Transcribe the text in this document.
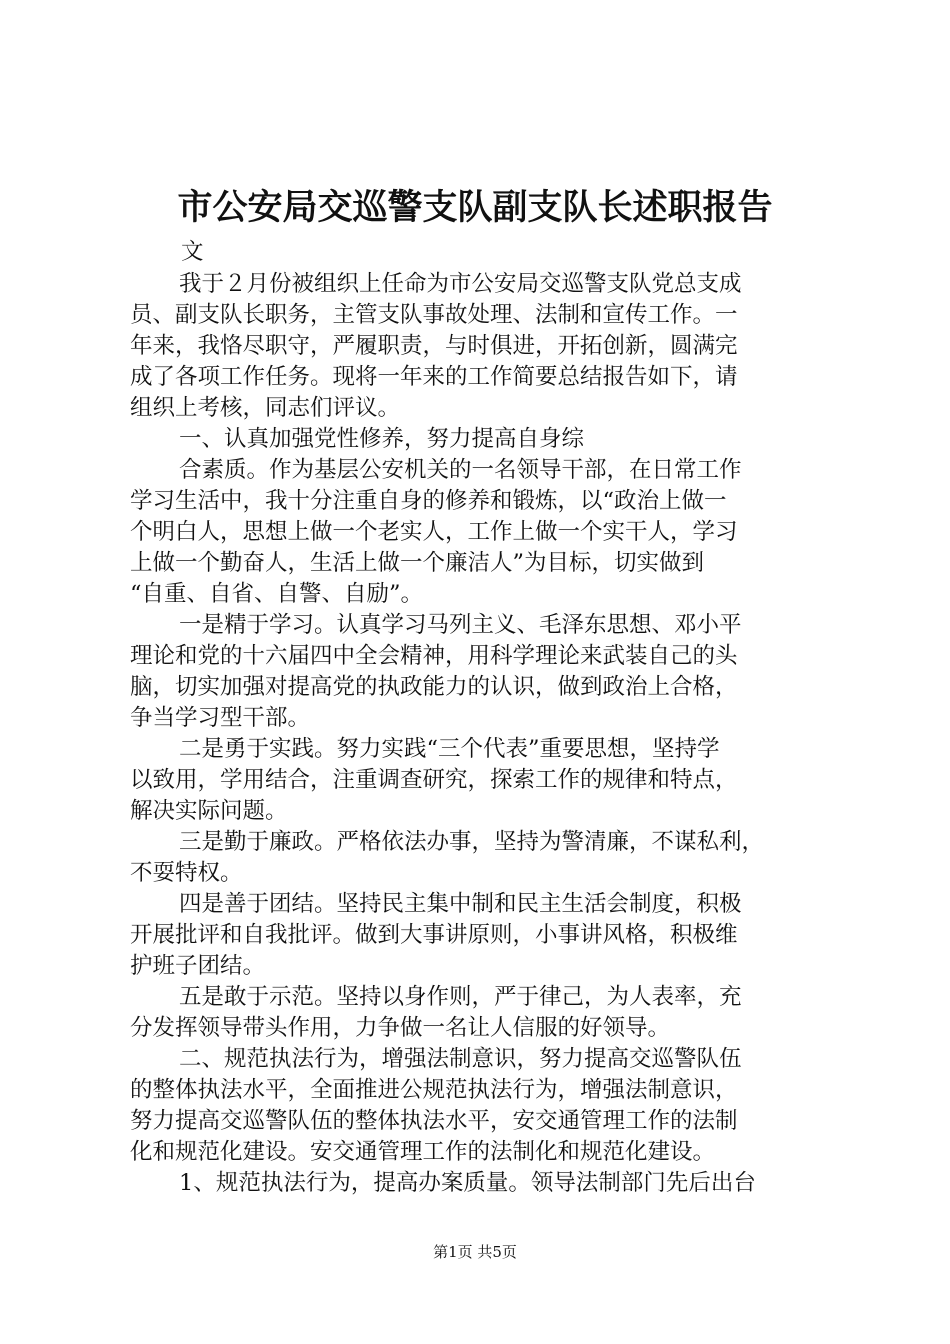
市公安局交巡警支队副支队长述职报告
文
我于２月份被组织上任命为市公安局交巡警支队党总支成
员、副支队长职务，主管支队事故处理、法制和宣传工作。一
年来，我恪尽职守，严履职责，与时俱进，开拓创新，圆满完
成了各项工作任务。现将一年来的工作简要总结报告如下，请
组织上考核，同志们评议。
一、认真加强党性修养，努力提高自身综
合素质。作为基层公安机关的一名领导干部，在日常工作
学习生活中，我十分注重自身的修养和锻炼，以“政治上做一
个明白人，思想上做一个老实人，工作上做一个实干人，学习
上做一个勤奋人，生活上做一个廉洁人”为目标，切实做到
“自重、自省、自警、自励”。
一是精于学习。认真学习马列主义、毛泽东思想、邓小平
理论和党的十六届四中全会精神，用科学理论来武装自己的头
脑，切实加强对提高党的执政能力的认识，做到政治上合格，
争当学习型干部。
二是勇于实践。努力实践“三个代表”重要思想，坚持学
以致用，学用结合，注重调查研究，探索工作的规律和特点，
解决实际问题。
三是勤于廉政。严格依法办事，坚持为警清廉，不谋私利，
不耍特权。
四是善于团结。坚持民主集中制和民主生活会制度，积极
开展批评和自我批评。做到大事讲原则，小事讲风格，积极维
护班子团结。
五是敢于示范。坚持以身作则，严于律己，为人表率，充
分发挥领导带头作用，力争做一名让人信服的好领导。
二、规范执法行为，增强法制意识，努力提高交巡警队伍
的整体执法水平，全面推进公规范执法行为，增强法制意识，
努力提高交巡警队伍的整体执法水平，安交通管理工作的法制
化和规范化建设。安交通管理工作的法制化和规范化建设。
1、规范执法行为，提高办案质量。领导法制部门先后出台
第1页 共5页
